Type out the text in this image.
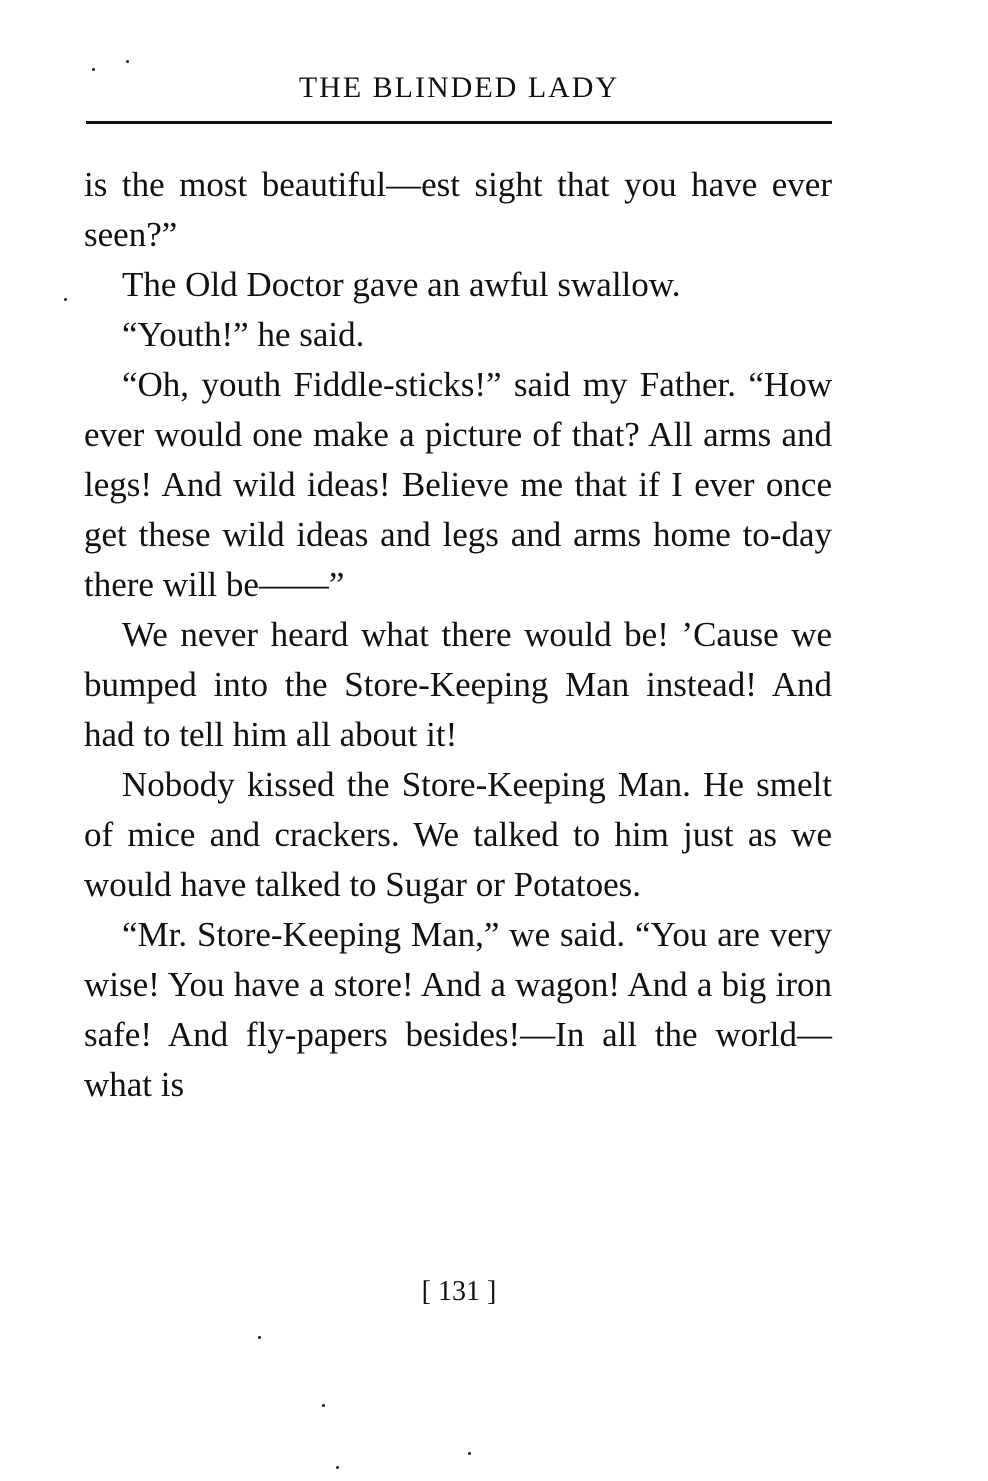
THE BLINDED LADY

is the most beautiful—est sight that you have ever seen?”

The Old Doctor gave an awful swallow.

“Youth!” he said.

“Oh, youth Fiddle-sticks!” said my Father. “How ever would one make a picture of that? All arms and legs! And wild ideas! Believe me that if I ever once get these wild ideas and legs and arms home to-day there will be——”

We never heard what there would be! ’Cause we bumped into the Store-Keeping Man instead! And had to tell him all about it!

Nobody kissed the Store-Keeping Man. He smelt of mice and crackers. We talked to him just as we would have talked to Sugar or Potatoes.

“Mr. Store-Keeping Man,” we said. “You are very wise! You have a store! And a wagon! And a big iron safe! And fly-papers besides!—In all the world—what is

[ 131 ]
